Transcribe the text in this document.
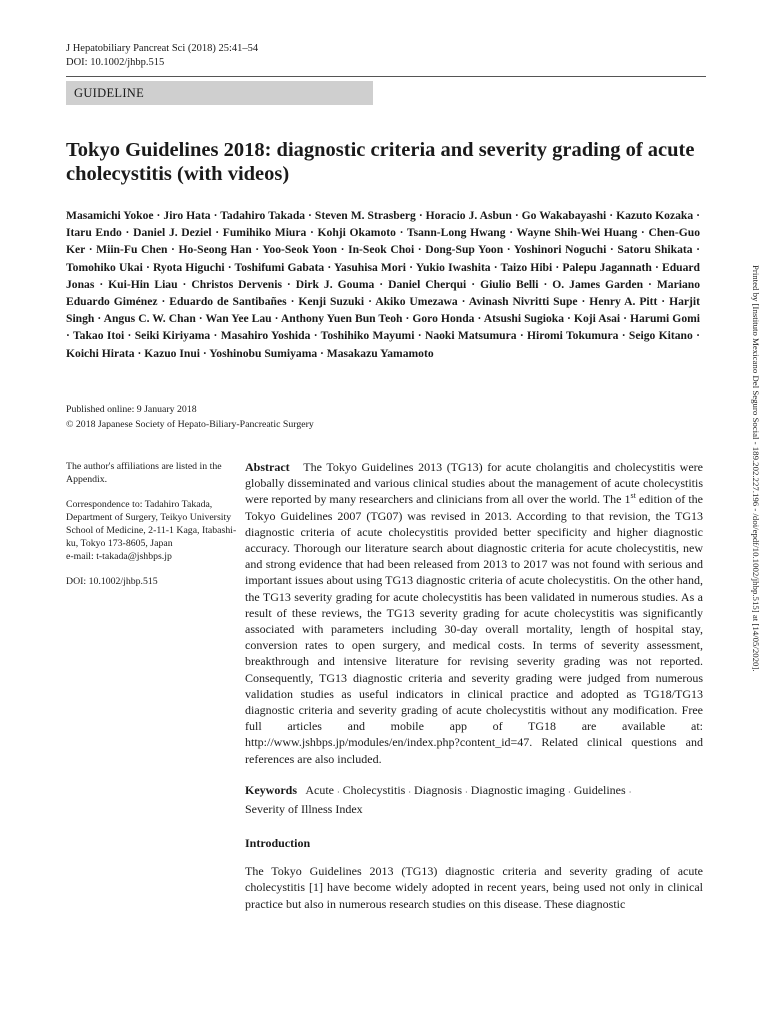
J Hepatobiliary Pancreat Sci (2018) 25:41–54
DOI: 10.1002/jhbp.515
GUIDELINE
Tokyo Guidelines 2018: diagnostic criteria and severity grading of acute cholecystitis (with videos)

Masamichi Yokoe · Jiro Hata · Tadahiro Takada · Steven M. Strasberg · Horacio J. Asbun · Go Wakabayashi · Kazuto Kozaka · Itaru Endo · Daniel J. Deziel · Fumihiko Miura · Kohji Okamoto · Tsann-Long Hwang · Wayne Shih-Wei Huang · Chen-Guo Ker · Miin-Fu Chen · Ho-Seong Han · Yoo-Seok Yoon · In-Seok Choi · Dong-Sup Yoon · Yoshinori Noguchi · Satoru Shikata · Tomohiko Ukai · Ryota Higuchi · Toshifumi Gabata · Yasuhisa Mori · Yukio Iwashita · Taizo Hibi · Palepu Jagannath · Eduard Jonas · Kui-Hin Liau · Christos Dervenis · Dirk J. Gouma · Daniel Cherqui · Giulio Belli · O. James Garden · Mariano Eduardo Giménez · Eduardo de Santibañes · Kenji Suzuki · Akiko Umezawa · Avinash Nivritti Supe · Henry A. Pitt · Harjit Singh · Angus C. W. Chan · Wan Yee Lau · Anthony Yuen Bun Teoh · Goro Honda · Atsushi Sugioka · Koji Asai · Harumi Gomi · Takao Itoi · Seiki Kiriyama · Masahiro Yoshida · Toshihiko Mayumi · Naoki Matsumura · Hiromi Tokumura · Seigo Kitano · Koichi Hirata · Kazuo Inui · Yoshinobu Sumiyama · Masakazu Yamamoto

Published online: 9 January 2018
© 2018 Japanese Society of Hepato-Biliary-Pancreatic Surgery

The author's affiliations are listed in the Appendix.

Correspondence to: Tadahiro Takada, Department of Surgery, Teikyo University School of Medicine, 2-11-1 Kaga, Itabashi-ku, Tokyo 173-8605, Japan
e-mail: t-takada@jshbps.jp

DOI: 10.1002/jhbp.515

Abstract The Tokyo Guidelines 2013 (TG13) for acute cholangitis and cholecystitis were globally disseminated and various clinical studies about the management of acute cholecystitis were reported by many researchers and clinicians from all over the world. The 1st edition of the Tokyo Guidelines 2007 (TG07) was revised in 2013. According to that revision, the TG13 diagnostic criteria of acute cholecystitis provided better specificity and higher diagnostic accuracy. Thorough our literature search about diagnostic criteria for acute cholecystitis, new and strong evidence that had been released from 2013 to 2017 was not found with serious and important issues about using TG13 diagnostic criteria of acute cholecystitis. On the other hand, the TG13 severity grading for acute cholecystitis has been validated in numerous studies. As a result of these reviews, the TG13 severity grading for acute cholecystitis was significantly associated with parameters including 30-day overall mortality, length of hospital stay, conversion rates to open surgery, and medical costs. In terms of severity assessment, breakthrough and intensive literature for revising severity grading was not reported. Consequently, TG13 diagnostic criteria and severity grading were judged from numerous validation studies as useful indicators in clinical practice and adopted as TG18/TG13 diagnostic criteria and severity grading of acute cholecystitis without any modification. Free full articles and mobile app of TG18 are available at: http://www.jshbps.jp/modules/en/index.php?content_id=47. Related clinical questions and references are also included.

Keywords Acute · Cholecystitis · Diagnosis · Diagnostic imaging · Guidelines ·
Severity of Illness Index

Introduction

The Tokyo Guidelines 2013 (TG13) diagnostic criteria and severity grading of acute cholecystitis [1] have become widely adopted in recent years, being used not only in clinical practice but also in numerous research studies on this disease. These diagnostic

Printed by [Instituto Mexicano Del Seguro Social - 189.202.227.196 - /doi/epdf/10.1002/jhbp.515] at [14/05/2020].
